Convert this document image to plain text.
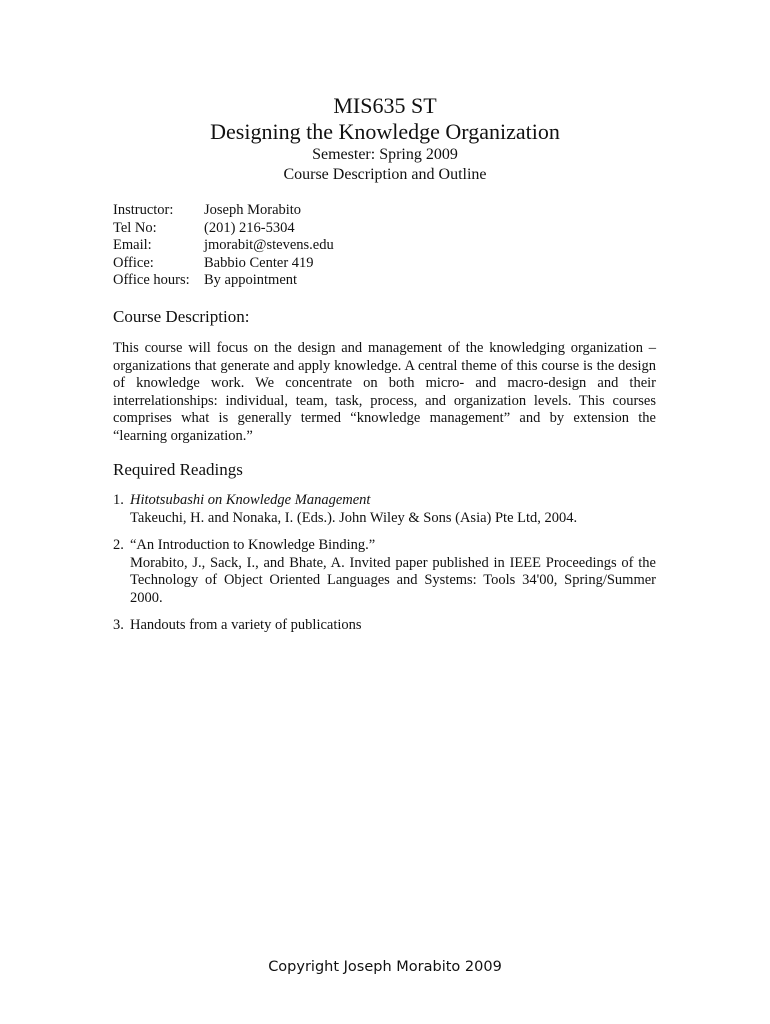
MIS635 ST
Designing the Knowledge Organization
Semester: Spring 2009
Course Description and Outline
Instructor:	Joseph Morabito
Tel No:	(201) 216-5304
Email:	jmorabit@stevens.edu
Office:	Babbio Center 419
Office hours: By appointment
Course Description:

This course will focus on the design and management of the knowledging organization – organizations that generate and apply knowledge. A central theme of this course is the design of knowledge work. We concentrate on both micro- and macro-design and their interrelationships: individual, team, task, process, and organization levels. This courses comprises what is generally termed “knowledge management” and by extension the “learning organization.”

Required Readings
1. Hitotsubashi on Knowledge Management
Takeuchi, H. and Nonaka, I. (Eds.). John Wiley & Sons (Asia) Pte Ltd, 2004.
2. “An Introduction to Knowledge Binding.”
Morabito, J., Sack, I., and Bhate, A. Invited paper published in IEEE Proceedings of the Technology of Object Oriented Languages and Systems: Tools 34'00, Spring/Summer 2000.
3. Handouts from a variety of publications
Copyright Joseph Morabito 2009
